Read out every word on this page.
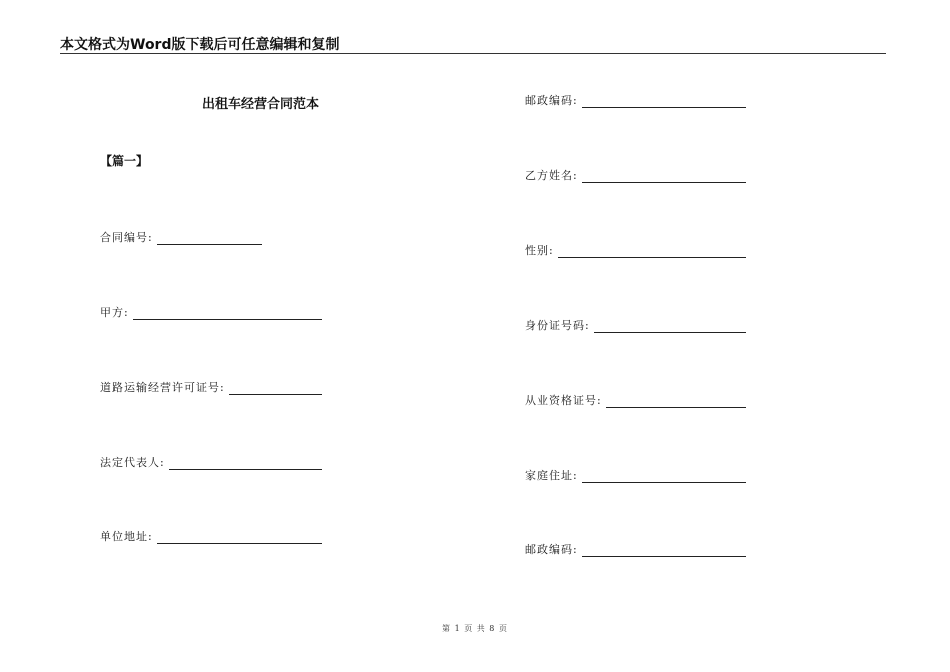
本文格式为Word版下载后可任意编辑和复制
出租车经营合同范本
【篇一】
合同编号:
甲方:
道路运输经营许可证号:
法定代表人:
单位地址:
邮政编码:
乙方姓名:
性别:
身份证号码:
从业资格证号:
家庭住址:
邮政编码:
第 1 页 共 8 页
